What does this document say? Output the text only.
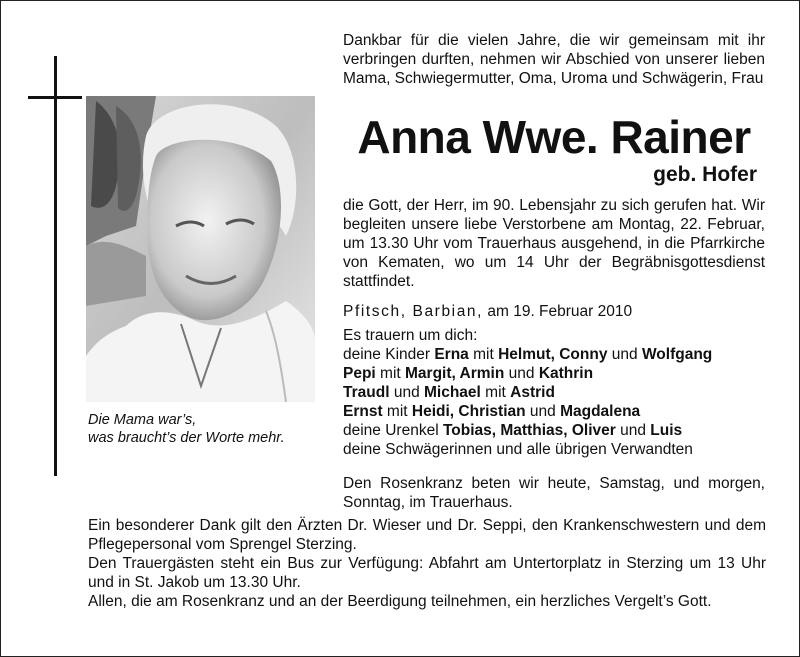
Die Mama war’s,
was braucht’s der Worte mehr.
Dankbar für die vielen Jahre, die wir gemeinsam mit ihr verbringen durften, nehmen wir Abschied von unserer lieben Mama, Schwiegermutter, Oma, Uroma und Schwägerin, Frau
Anna Wwe. Rainer
geb. Hofer
die Gott, der Herr, im 90. Lebensjahr zu sich gerufen hat. Wir begleiten unsere liebe Verstorbene am Montag, 22. Februar, um 13.30 Uhr vom Trauerhaus ausgehend, in die Pfarrkirche von Kematen, wo um 14 Uhr der Begräbnisgottesdienst stattfindet.
Pfitsch, Barbian, am 19. Februar 2010
Es trauern um dich:
deine Kinder Erna mit Helmut, Conny und Wolfgang
Pepi mit Margit, Armin und Kathrin
Traudl und Michael mit Astrid
Ernst mit Heidi, Christian und Magdalena
deine Urenkel Tobias, Matthias, Oliver und Luis
deine Schwägerinnen und alle übrigen Verwandten
Den Rosenkranz beten wir heute, Samstag, und morgen, Sonntag, im Trauerhaus.

Ein besonderer Dank gilt den Ärzten Dr. Wieser und Dr. Seppi, den Krankenschwestern und dem Pflegepersonal vom Sprengel Sterzing.

Den Trauergästen steht ein Bus zur Verfügung: Abfahrt am Untertorplatz in Sterzing um 13 Uhr und in St. Jakob um 13.30 Uhr.

Allen, die am Rosenkranz und an der Beerdigung teilnehmen, ein herzliches Vergelt’s Gott.
